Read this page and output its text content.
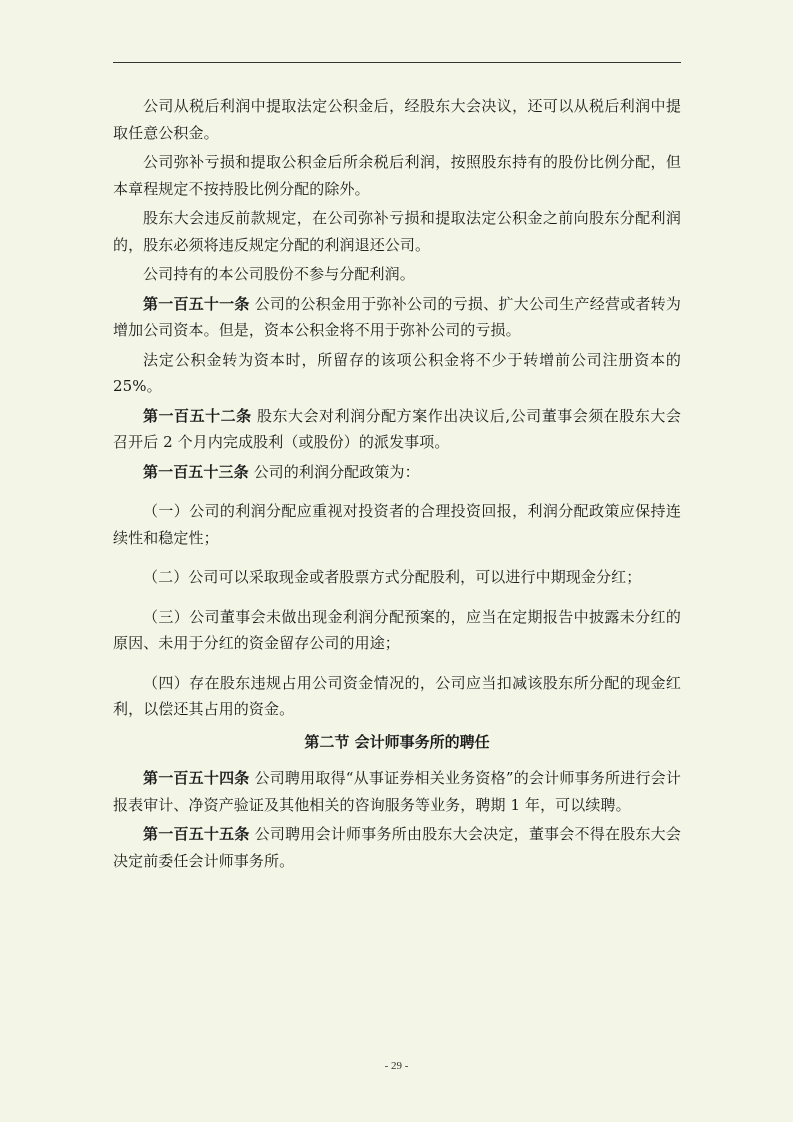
公司从税后利润中提取法定公积金后，经股东大会决议，还可以从税后利润中提取任意公积金。

公司弥补亏损和提取公积金后所余税后利润，按照股东持有的股份比例分配，但本章程规定不按持股比例分配的除外。

股东大会违反前款规定，在公司弥补亏损和提取法定公积金之前向股东分配利润的，股东必须将违反规定分配的利润退还公司。

公司持有的本公司股份不参与分配利润。

第一百五十一条 公司的公积金用于弥补公司的亏损、扩大公司生产经营或者转为增加公司资本。但是，资本公积金将不用于弥补公司的亏损。

法定公积金转为资本时，所留存的该项公积金将不少于转增前公司注册资本的 25%。

第一百五十二条 股东大会对利润分配方案作出决议后,公司董事会须在股东大会召开后 2 个月内完成股利（或股份）的派发事项。

第一百五十三条 公司的利润分配政策为：

（一）公司的利润分配应重视对投资者的合理投资回报，利润分配政策应保持连续性和稳定性；

（二）公司可以采取现金或者股票方式分配股利，可以进行中期现金分红；

（三）公司董事会未做出现金利润分配预案的，应当在定期报告中披露未分红的原因、未用于分红的资金留存公司的用途；

（四）存在股东违规占用公司资金情况的，公司应当扣减该股东所分配的现金红利，以偿还其占用的资金。

第二节 会计师事务所的聘任

第一百五十四条 公司聘用取得“从事证券相关业务资格”的会计师事务所进行会计报表审计、净资产验证及其他相关的咨询服务等业务，聘期 1 年，可以续聘。

第一百五十五条 公司聘用会计师事务所由股东大会决定，董事会不得在股东大会决定前委任会计师事务所。

- 29 -
